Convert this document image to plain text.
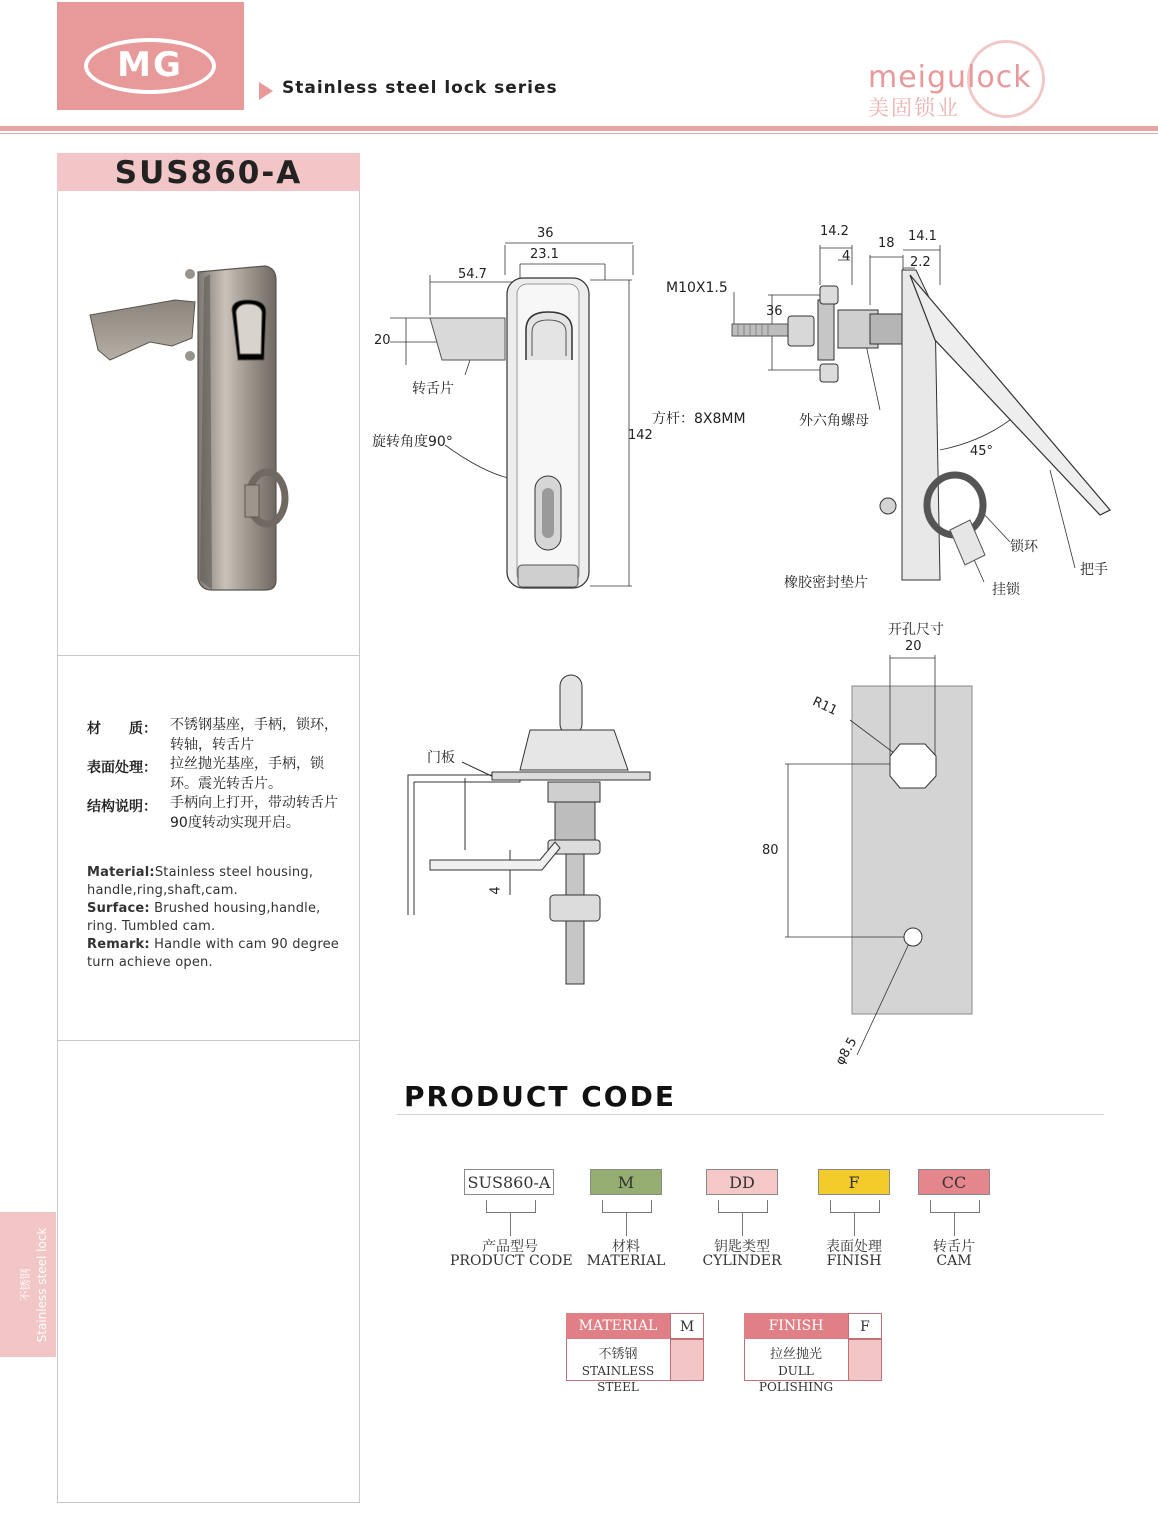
MG
Stainless steel lock series	meigulock
美固锁业
SUS860-A
材　　质： 不锈钢基座，手柄，锁环，转轴，转舌片
表面处理： 拉丝抛光基座，手柄，锁环。震光转舌片。
结构说明： 手柄向上打开，带动转舌片90度转动实现开启。
Material:Stainless steel housing,
handle,ring,shaft,cam.
Surface: Brushed housing,handle,
ring. Tumbled cam.
Remark: Handle with cam 90 degree
turn achieve open.
不锈钢 Stainless steel lock
36
23.1
54.7
20
142
转舌片
旋转角度90°
方杆：8X8MM
14.2
4
18 14.1
2.2
36
M10X1.5
外六角螺母
45°
锁环
把手
挂锁
橡胶密封垫片
门板
4
开孔尺寸
20
R11
80
φ8.5
PRODUCT CODE
SUS860-A
产品型号
PRODUCT CODE
M
材料
MATERIAL
DD
钥匙类型
CYLINDER
F
表面处理
FINISH
CC
转舌片
CAM
MATERIAL	M
不锈钢
STAINLESS STEEL
FINISH	F
拉丝抛光
DULL POLISHING
